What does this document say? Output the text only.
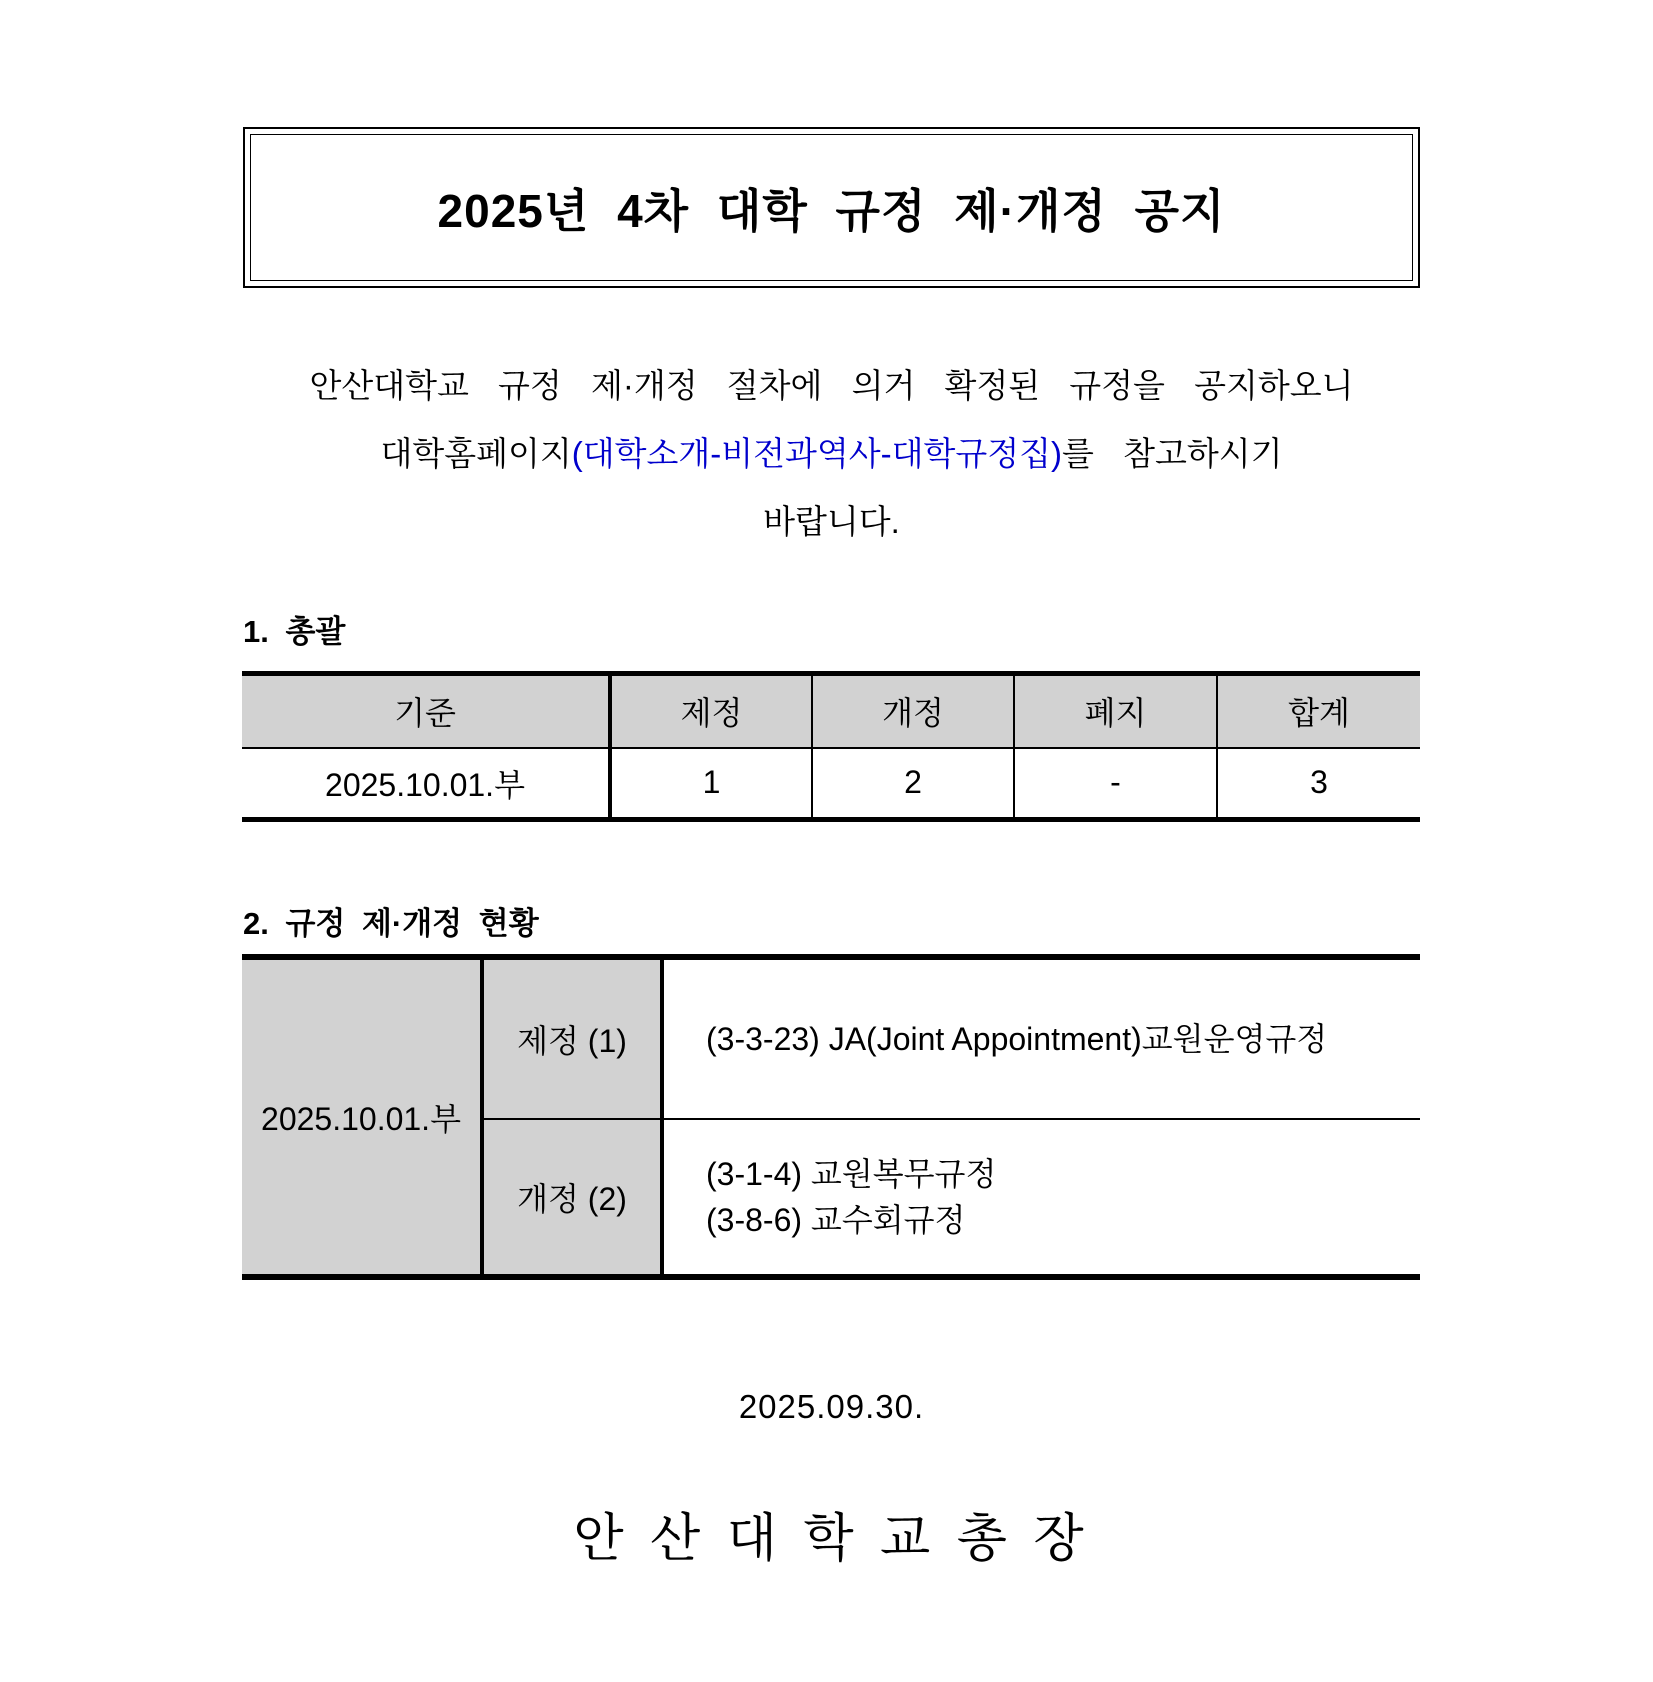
2025년 4차 대학 규정 제·개정 공지
안산대학교 규정 제·개정 절차에 의거 확정된 규정을 공지하오니
대학홈페이지(대학소개-비전과역사-대학규정집)를 참고하시기
바랍니다.
1. 총괄
기준	제정	개정	폐지	합계
2025.10.01.부	1	2	-	3
2. 규정 제·개정 현황
2025.10.01.부	제정 (1)	(3-3-23) JA(Joint Appointment)교원운영규정

	개정 (2)	(3-1-4) 교원복무규정
(3-8-6) 교수회규정
2025.09.30.
안 산 대 학 교 총 장
